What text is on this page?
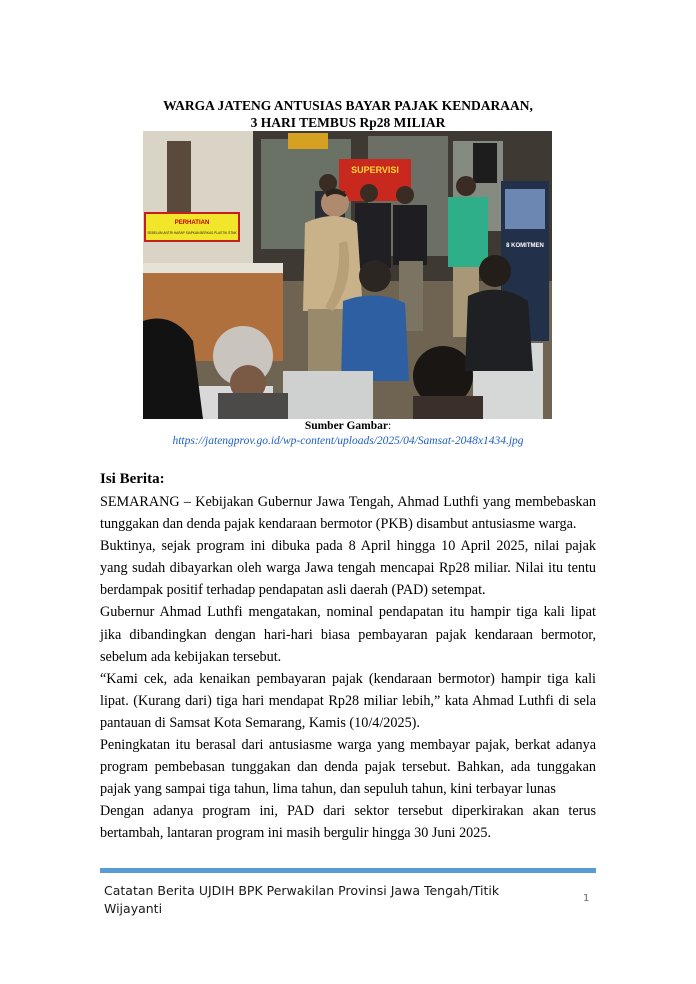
WARGA JATENG ANTUSIAS BAYAR PAJAK KENDARAAN,
3 HARI TEMBUS Rp28 MILIAR
PERHATIAN
SEBELUM ANTRI HARAP SIAPKAN BERKAS PLASTIK STNK
SUPERVISI
8 KOMITMEN
Sumber Gambar:
https://jatengprov.go.id/wp-content/uploads/2025/04/Samsat-2048x1434.jpg
Isi Berita:

SEMARANG – Kebijakan Gubernur Jawa Tengah, Ahmad Luthfi yang membebaskan tunggakan dan denda pajak kendaraan bermotor (PKB) disambut antusiasme warga.

Buktinya, sejak program ini dibuka pada 8 April hingga 10 April 2025, nilai pajak yang sudah dibayarkan oleh warga Jawa tengah mencapai Rp28 miliar. Nilai itu tentu berdampak positif terhadap pendapatan asli daerah (PAD) setempat.

Gubernur Ahmad Luthfi mengatakan, nominal pendapatan itu hampir tiga kali lipat jika dibandingkan dengan hari-hari biasa pembayaran pajak kendaraan bermotor, sebelum ada kebijakan tersebut.

“Kami cek, ada kenaikan pembayaran pajak (kendaraan bermotor) hampir tiga kali lipat. (Kurang dari) tiga hari mendapat Rp28 miliar lebih,” kata Ahmad Luthfi di sela pantauan di Samsat Kota Semarang, Kamis (10/4/2025).

Peningkatan itu berasal dari antusiasme warga yang membayar pajak, berkat adanya program pembebasan tunggakan dan denda pajak tersebut. Bahkan, ada tunggakan pajak yang sampai tiga tahun, lima tahun, dan sepuluh tahun, kini terbayar lunas

Dengan adanya program ini, PAD dari sektor tersebut diperkirakan akan terus bertambah, lantaran program ini masih bergulir hingga 30 Juni 2025.

Catatan Berita UJDIH BPK Perwakilan Provinsi Jawa Tengah/Titik Wijayanti
1
